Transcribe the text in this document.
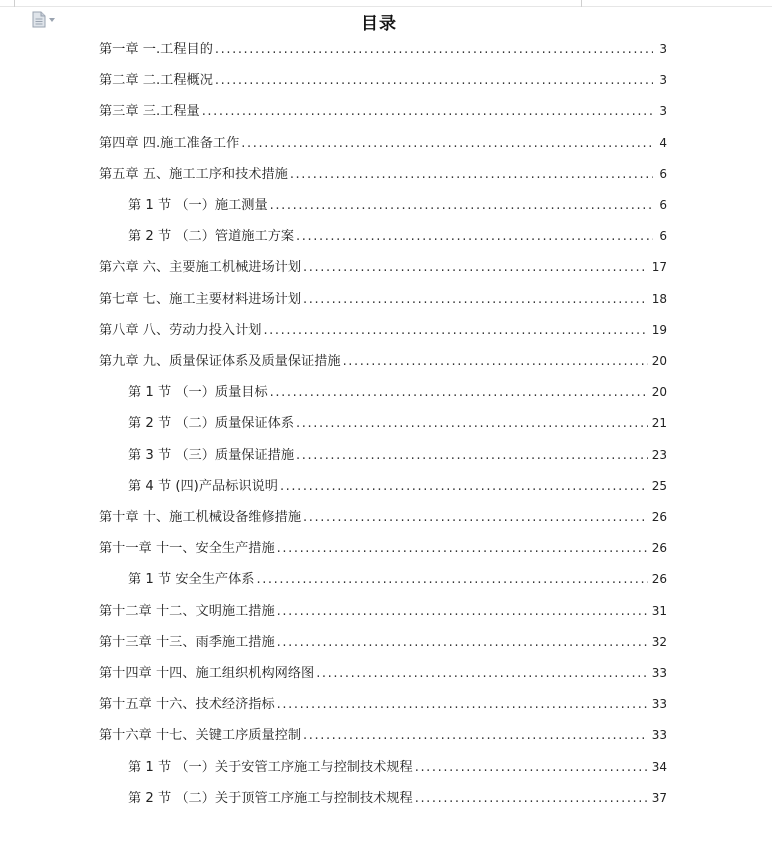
目录
第一章 一.工程目的 .....	3
第二章 二.工程概况 .....	3
第三章 三.工程量 .....	3
第四章 四.施工准备工作 .....	4
第五章 五、施工工序和技术措施 .....	6
第 1 节 （一）施工测量 .....	6
第 2 节 （二）管道施工方案 .....	6
第六章 六、主要施工机械进场计划 .....	17
第七章 七、施工主要材料进场计划 .....	18
第八章 八、劳动力投入计划 .....	19
第九章 九、质量保证体系及质量保证措施 .....	20
第 1 节 （一）质量目标 .....	20
第 2 节 （二）质量保证体系 .....	21
第 3 节 （三）质量保证措施 .....	23
第 4 节 (四)产品标识说明 .....	25
第十章 十、施工机械设备维修措施 .....	26
第十一章 十一、安全生产措施 .....	26
第 1 节 安全生产体系 .....	26
第十二章 十二、文明施工措施 .....	31
第十三章 十三、雨季施工措施 .....	32
第十四章 十四、施工组织机构网络图 .....	33
第十五章 十六、技术经济指标 .....	33
第十六章 十七、关键工序质量控制 .....	33
第 1 节 （一）关于安管工序施工与控制技术规程 .....	34
第 2 节 （二）关于顶管工序施工与控制技术规程 .....	37
